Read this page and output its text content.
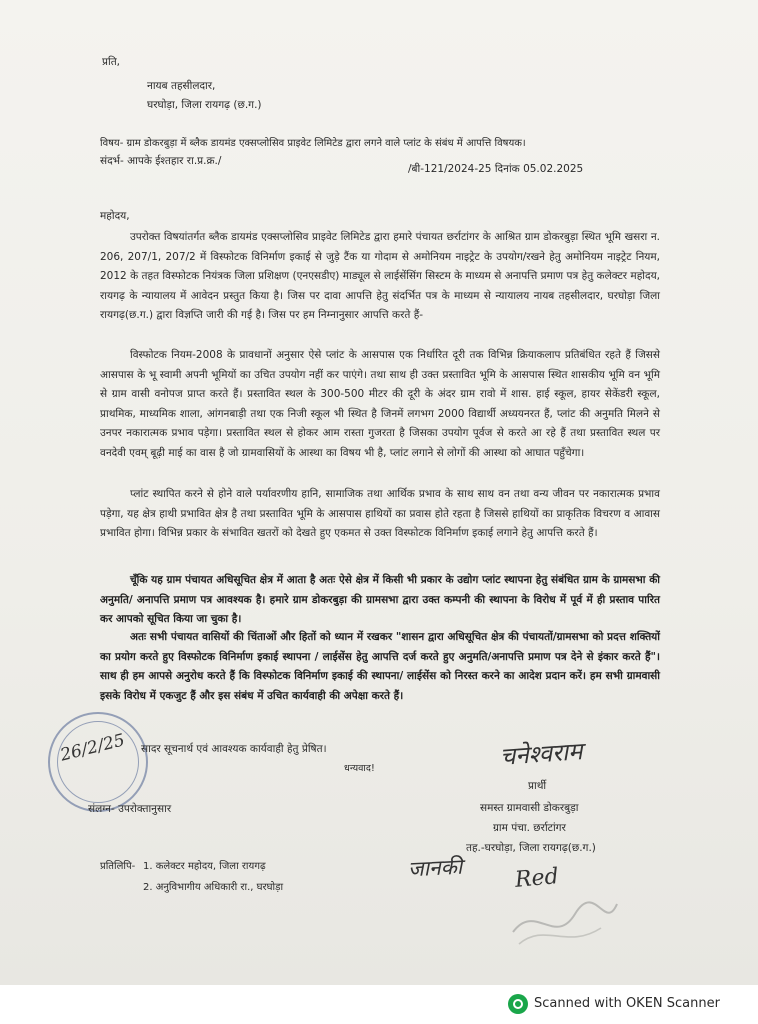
प्रति,
नायब तहसीलदार,
घरघोड़ा, जिला रायगढ़ (छ.ग.)
विषय- ग्राम डोकरबुड़ा में ब्लैक डायमंड एक्सप्लोसिव प्राइवेट लिमिटेड द्वारा लगने वाले प्लांट के संबंध में आपत्ति विषयक।
संदर्भ- आपके ईश्तहार रा.प्र.क्र./
/बी-121/2024-25 दिनांक 05.02.2025
महोदय,
उपरोक्त विषयांतर्गत ब्लैक डायमंड एक्सप्लोसिव प्राइवेट लिमिटेड द्वारा हमारे पंचायत छर्राटांगर के आश्रित ग्राम डोकरबुड़ा स्थित भूमि खसरा न. 206, 207/1, 207/2 में विस्फोटक विनिर्माण इकाई से जुड़े टैंक या गोदाम से अमोनियम नाइट्रेट के उपयोग/रखने हेतु अमोनियम नाइट्रेट नियम, 2012 के तहत विस्फोटक नियंत्रक जिला प्रशिक्षण (एनएसडीए) माड्यूल से लाईसेंसिंग सिस्टम के माध्यम से अनापत्ति प्रमाण पत्र हेतु कलेक्टर महोदय, रायगढ़ के न्यायालय में आवेदन प्रस्तुत किया है। जिस पर दावा आपत्ति हेतु संदर्भित पत्र के माध्यम से न्यायालय नायब तहसीलदार, घरघोड़ा जिला रायगढ़(छ.ग.) द्वारा विज्ञप्ति जारी की गई है। जिस पर हम निम्नानुसार आपत्ति करते हैं-
विस्फोटक नियम-2008 के प्रावधानों अनुसार ऐसे प्लांट के आसपास एक निर्धारित दूरी तक विभिन्न क्रियाकलाप प्रतिबंधित रहते हैं जिससे आसपास के भू स्वामी अपनी भूमियों का उचित उपयोग नहीं कर पाएंगे। तथा साथ ही उक्त प्रस्तावित भूमि के आसपास स्थित शासकीय भूमि वन भूमि से ग्राम वासी वनोपज प्राप्त करते हैं। प्रस्तावित स्थल के 300-500 मीटर की दूरी के अंदर ग्राम रावो में शास. हाई स्कूल, हायर सेकेंडरी स्कूल, प्राथमिक, माध्यमिक शाला, आंगनबाड़ी तथा एक निजी स्कूल भी स्थित है जिनमें लगभग 2000 विद्यार्थी अध्ययनरत हैं, प्लांट की अनुमति मिलने से उनपर नकारात्मक प्रभाव पड़ेगा। प्रस्तावित स्थल से होकर आम रास्ता गुजरता है जिसका उपयोग पूर्वज से करते आ रहे हैं तथा प्रस्तावित स्थल पर वनदेवी एवम् बूढ़ी माई का वास है जो ग्रामवासियों के आस्था का विषय भी है, प्लांट लगाने से लोगों की आस्था को आघात पहुँचेगा।
प्लांट स्थापित करने से होने वाले पर्यावरणीय हानि, सामाजिक तथा आर्थिक प्रभाव के साथ साथ वन तथा वन्य जीवन पर नकारात्मक प्रभाव पड़ेगा, यह क्षेत्र हाथी प्रभावित क्षेत्र है तथा प्रस्तावित भूमि के आसपास हाथियों का प्रवास होते रहता है जिससे हाथियों का प्राकृतिक विचरण व आवास प्रभावित होगा। विभिन्न प्रकार के संभावित खतरों को देखते हुए एकमत से उक्त विस्फोटक विनिर्माण इकाई लगाने हेतु आपत्ति करते हैं।
चूँकि यह ग्राम पंचायत अधिसूचित क्षेत्र में आता है अतः ऐसे क्षेत्र में किसी भी प्रकार के उद्योग प्लांट स्थापना हेतु संबंधित ग्राम के ग्रामसभा की अनुमति/ अनापत्ति प्रमाण पत्र आवश्यक है। हमारे ग्राम डोकरबुड़ा की ग्रामसभा द्वारा उक्त कम्पनी की स्थापना के विरोध में पूर्व में ही प्रस्ताव पारित कर आपको सूचित किया जा चुका है।
अतः सभी पंचायत वासियों की चिंताओं और हितों को ध्यान में रखकर "शासन द्वारा अधिसूचित क्षेत्र की पंचायतों/ग्रामसभा को प्रदत्त शक्तियों का प्रयोग करते हुए विस्फोटक विनिर्माण इकाई स्थापना / लाईसेंस हेतु आपत्ति दर्ज करते हुए अनुमति/अनापत्ति प्रमाण पत्र देने से इंकार करते हैं"। साथ ही हम आपसे अनुरोध करते हैं कि विस्फोटक विनिर्माण इकाई की स्थापना/ लाईसेंस को निरस्त करने का आदेश प्रदान करें। हम सभी ग्रामवासी इसके विरोध में एकजुट हैं और इस संबंध में उचित कार्यवाही की अपेक्षा करते हैं।
26/2/25 सादर सूचनार्थ एवं आवश्यक कार्यवाही हेतु प्रेषित।
धन्यवाद!	चनेश्वराम
प्रार्थी
समस्त ग्रामवासी डोकरबुड़ा
ग्राम पंचा. छर्राटांगर
तह.-घरघोड़ा, जिला रायगढ़(छ.ग.)
संलग्न- उपरोक्तानुसार
प्रतिलिपि- 1. कलेक्टर महोदय, जिला रायगढ़
2. अनुविभागीय अधिकारी रा., घरघोड़ा
जानकी Red
Scanned with OKEN Scanner
